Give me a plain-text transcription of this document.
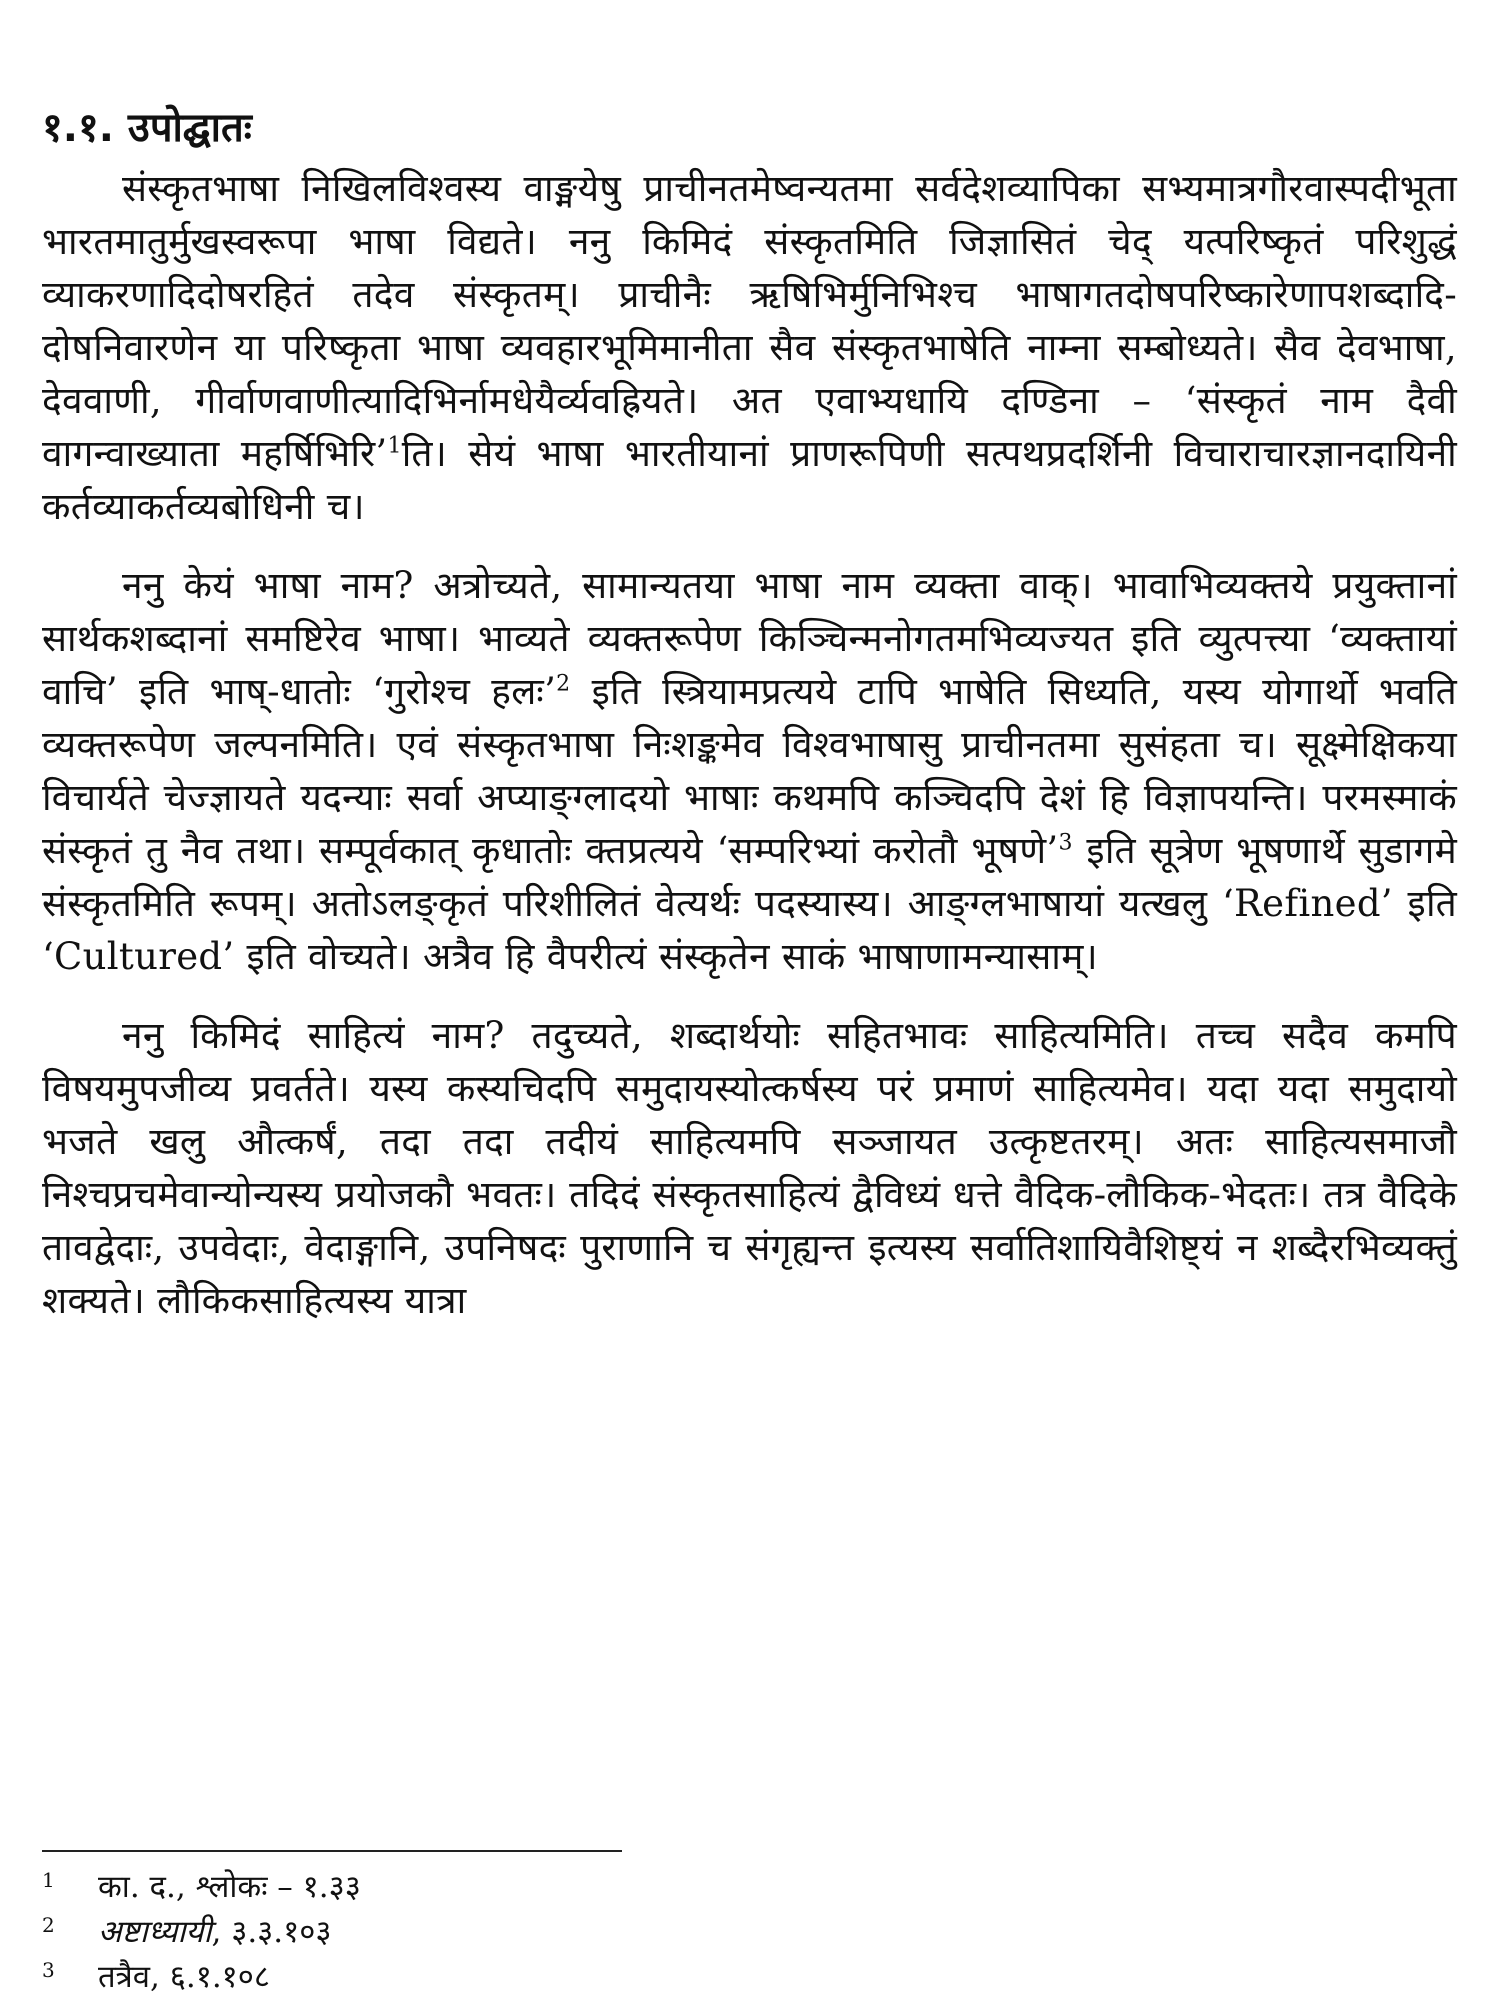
१.१. उपोद्घातः

संस्कृतभाषा निखिलविश्वस्य वाङ्मयेषु प्राचीनतमेष्वन्यतमा सर्वदेशव्यापिका सभ्यमात्रगौरवास्पदीभूता भारतमातुर्मुखस्वरूपा भाषा विद्यते। ननु किमिदं संस्कृतमिति जिज्ञासितं चेद् यत्परिष्कृतं परिशुद्धं व्याकरणादिदोषरहितं तदेव संस्कृतम्। प्राचीनैः ऋषिभिर्मुनिभिश्च भाषागतदोषपरिष्कारेणापशब्दादि-दोषनिवारणेन या परिष्कृता भाषा व्यवहारभूमिमानीता सैव संस्कृतभाषेति नाम्ना सम्बोध्यते। सैव देवभाषा, देववाणी, गीर्वाणवाणीत्यादिभिर्नामधेयैर्व्यवह्रियते। अत एवाभ्यधायि दण्डिना – ‘संस्कृतं नाम दैवी वागन्वाख्याता महर्षिभिरि’$^1$ति। सेयं भाषा भारतीयानां प्राणरूपिणी सत्पथप्रदर्शिनी विचाराचारज्ञानदायिनी कर्तव्याकर्तव्यबोधिनी च।

ननु केयं भाषा नाम? अत्रोच्यते, सामान्यतया भाषा नाम व्यक्ता वाक्। भावाभिव्यक्तये प्रयुक्तानां सार्थकशब्दानां समष्टिरेव भाषा। भाव्यते व्यक्तरूपेण किञ्चिन्मनोगतमभिव्यज्यत इति व्युत्पत्त्या ‘व्यक्तायां वाचि’ इति भाष्-धातोः ‘गुरोश्च हलः’$^2$ इति स्त्रियामप्रत्यये टापि भाषेति सिध्यति, यस्य योगार्थो भवति व्यक्तरूपेण जल्पनमिति। एवं संस्कृतभाषा निःशङ्कमेव विश्वभाषासु प्राचीनतमा सुसंहता च। सूक्ष्मेक्षिकया विचार्यते चेज्ज्ञायते यदन्याः सर्वा अप्याङ्ग्लादयो भाषाः कथमपि कञ्चिदपि देशं हि विज्ञापयन्ति। परमस्माकं संस्कृतं तु नैव तथा। सम्पूर्वकात् कृधातोः क्तप्रत्यये ‘सम्परिभ्यां करोतौ भूषणे’$^3$ इति सूत्रेण भूषणार्थे सुडागमे संस्कृतमिति रूपम्। अतोऽलङ्कृतं परिशीलितं वेत्यर्थः पदस्यास्य। आङ्ग्लभाषायां यत्खलु ‘Refined’ इति ‘Cultured’ इति वोच्यते। अत्रैव हि वैपरीत्यं संस्कृतेन साकं भाषाणामन्यासाम्।

ननु किमिदं साहित्यं नाम? तदुच्यते, शब्दार्थयोः सहितभावः साहित्यमिति। तच्च सदैव कमपि विषयमुपजीव्य प्रवर्तते। यस्य कस्यचिदपि समुदायस्योत्कर्षस्य परं प्रमाणं साहित्यमेव। यदा यदा समुदायो भजते खलु औत्कर्षं, तदा तदा तदीयं साहित्यमपि सञ्जायत उत्कृष्टतरम्। अतः साहित्यसमाजौ निश्चप्रचमेवान्योन्यस्य प्रयोजकौ भवतः। तदिदं संस्कृतसाहित्यं द्वैविध्यं धत्ते वैदिक-लौकिक-भेदतः। तत्र वैदिके तावद्वेदाः, उपवेदाः, वेदाङ्गानि, उपनिषदः पुराणानि च संगृह्यन्त इत्यस्य सर्वातिशायिवैशिष्ट्यं न शब्दैरभिव्यक्तुं शक्यते। लौकिकसाहित्यस्य यात्रा

1	का. द., श्लोकः – १.३३
2	अष्टाध्यायी, ३.३.१०३
3	तत्रैव, ६.१.१०८
